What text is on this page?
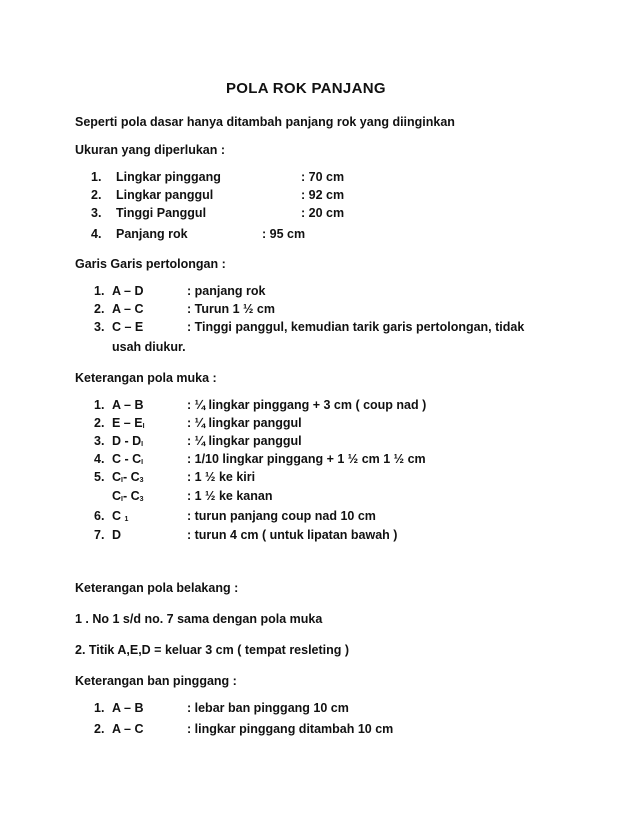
POLA ROK PANJANG
Seperti pola dasar hanya ditambah panjang rok yang diinginkan
Ukuran yang diperlukan :
1. Lingkar pinggang	: 70 cm
2. Lingkar panggul	: 92 cm
3. Tinggi Panggul	: 20 cm
4. Panjang rok	: 95 cm
Garis Garis pertolongan :
1. A – D	: panjang rok
2. A – C	: Turun 1 ½ cm
3. C – E	: Tinggi panggul, kemudian tarik garis pertolongan, tidak
usah diukur.
Keterangan pola muka :
1. A – B	: ¼ lingkar pinggang + 3 cm ( coup nad )
2. E – $E_I$	: ¼ lingkar panggul
3. D - $D_I$	: ¼ lingkar panggul
4. C - $C_I$	: 1/10 lingkar pinggang + 1 ½ cm 1 ½ cm
5. $C_I-$ $C_3$	: 1 ½ ke kiri
$C_I-$ $C_3$	: 1 ½ ke kanan
6. C $_1$	: turun panjang coup nad 10 cm
7. D	: turun 4 cm ( untuk lipatan bawah )
Keterangan pola belakang :
1 . No 1 s/d no. 7 sama dengan pola muka
2. Titik A,E,D = keluar 3 cm ( tempat resleting )
Keterangan ban pinggang :
1. A – B	: lebar ban pinggang 10 cm
2. A – C	: lingkar pinggang ditambah 10 cm
